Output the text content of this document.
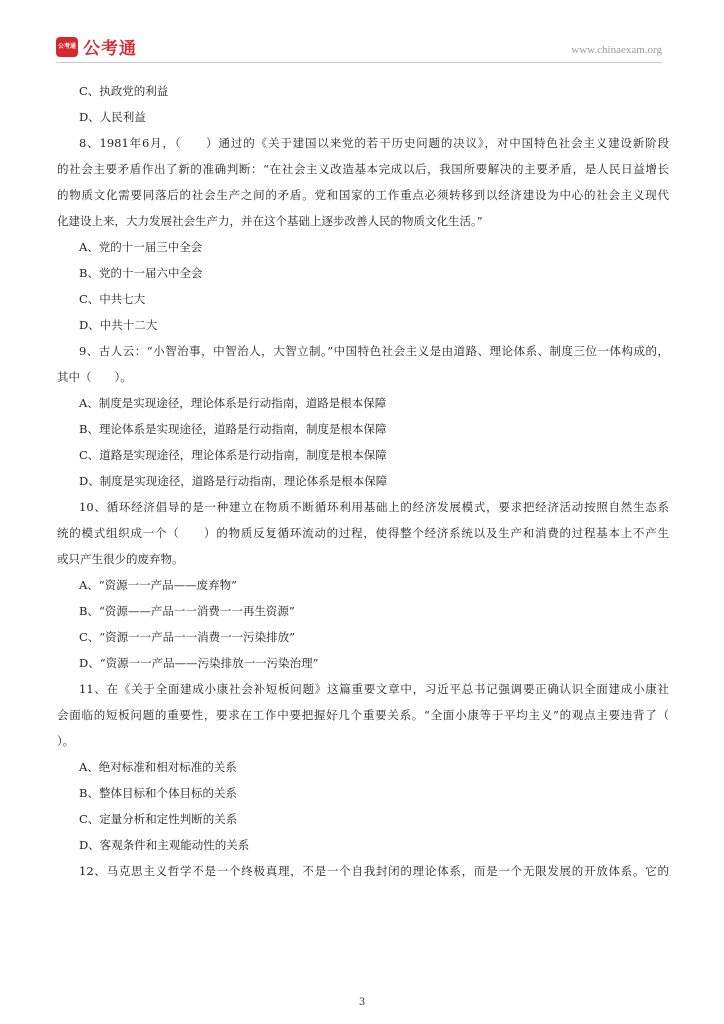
公考通 公考通	www.chinaexam.org
C、执政党的利益
D、人民利益
8、1981年6月，（　　）通过的《关于建国以来党的若干历史问题的决议》，对中国特色社会主义建设新阶段
的社会主要矛盾作出了新的准确判断：“在社会主义改造基本完成以后，我国所要解决的主要矛盾，是人民日益增长
的物质文化需要同落后的社会生产之间的矛盾。党和国家的工作重点必须转移到以经济建设为中心的社会主义现代
化建设上来，大力发展社会生产力，并在这个基础上逐步改善人民的物质文化生活。”
A、党的十一届三中全会
B、党的十一届六中全会
C、中共七大
D、中共十二大
9、古人云：“小智治事，中智治人，大智立制。”中国特色社会主义是由道路、理论体系、制度三位一体构成的，
其中（　　）。
A、制度是实现途径，理论体系是行动指南，道路是根本保障
B、理论体系是实现途径，道路是行动指南，制度是根本保障
C、道路是实现途径，理论体系是行动指南，制度是根本保障
D、制度是实现途径，道路是行动指南，理论体系是根本保障
10、循环经济倡导的是一种建立在物质不断循环利用基础上的经济发展模式，要求把经济活动按照自然生态系
统的模式组织成一个（　　）的物质反复循环流动的过程，使得整个经济系统以及生产和消费的过程基本上不产生
或只产生很少的废弃物。
A、“资源一一产品——废弃物”
B、“资源——产品一一消费一一再生资源”
C、“资源一一产品一一消费一一污染排放”
D、“资源一一产品——污染排放一一污染治理”
11、在《关于全面建成小康社会补短板问题》这篇重要文章中，习近平总书记强调要正确认识全面建成小康社
会面临的短板问题的重要性，要求在工作中要把握好几个重要关系。“全面小康等于平均主义”的观点主要违背了（
）。
A、绝对标准和相对标准的关系
B、整体目标和个体目标的关系
C、定量分析和定性判断的关系
D、客观条件和主观能动性的关系
12、马克思主义哲学不是一个终极真理，不是一个自我封闭的理论体系，而是一个无限发展的开放体系。它的
3
